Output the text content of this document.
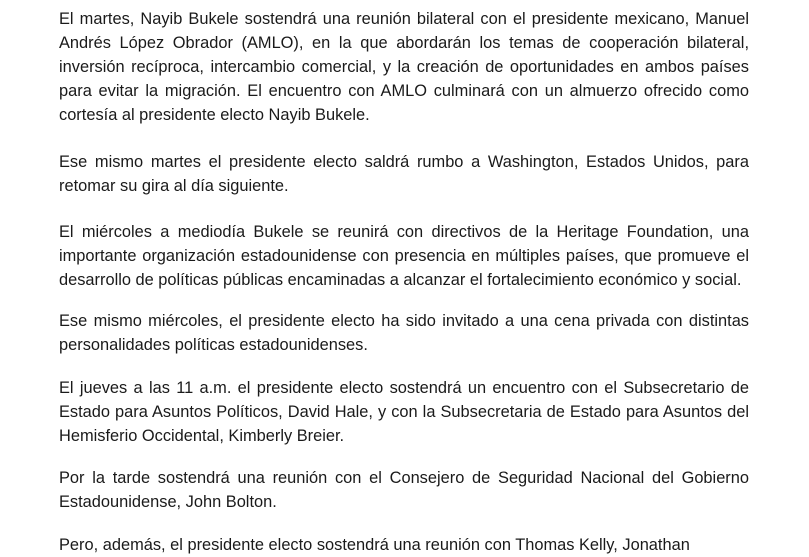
El martes, Nayib Bukele sostendrá una reunión bilateral con el presidente mexicano, Manuel Andrés López Obrador (AMLO), en la que abordarán los temas de cooperación bilateral, inversión recíproca, intercambio comercial, y la creación de oportunidades en ambos países para evitar la migración. El encuentro con AMLO culminará con un almuerzo ofrecido como cortesía al presidente electo Nayib Bukele.

Ese mismo martes el presidente electo saldrá rumbo a Washington, Estados Unidos, para retomar su gira al día siguiente.

El miércoles a mediodía Bukele se reunirá con directivos de la Heritage Foundation, una importante organización estadounidense con presencia en múltiples países, que promueve el desarrollo de políticas públicas encaminadas a alcanzar el fortalecimiento económico y social.

Ese mismo miércoles, el presidente electo ha sido invitado a una cena privada con distintas personalidades políticas estadounidenses.

El jueves a las 11 a.m. el presidente electo sostendrá un encuentro con el Subsecretario de Estado para Asuntos Políticos, David Hale, y con la Subsecretaria de Estado para Asuntos del Hemisferio Occidental, Kimberly Breier.

Por la tarde sostendrá una reunión con el Consejero de Seguridad Nacional del Gobierno Estadounidense, John Bolton.

Pero, además, el presidente electo sostendrá una reunión con Thomas Kelly, Jonathan
